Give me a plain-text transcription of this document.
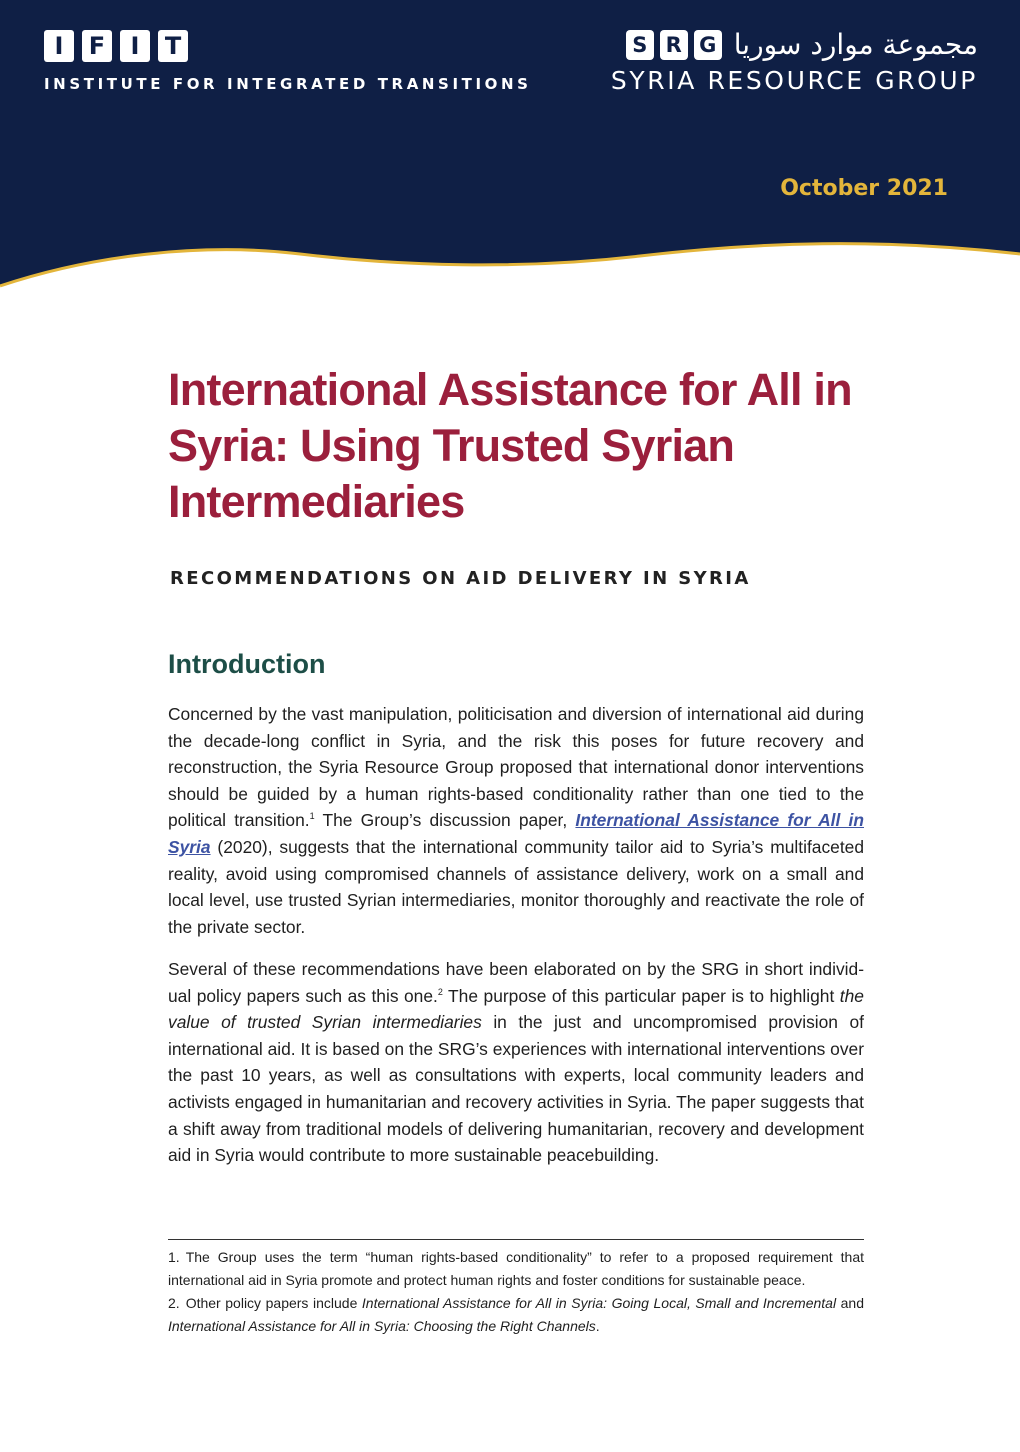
I	F	I	T
INSTITUTE FOR INTEGRATED TRANSITIONS
S R G مجموعة موارد سوريا
SYRIA RESOURCE GROUP
October 2021
International Assistance for All in Syria: Using Trusted Syrian Intermediaries
RECOMMENDATIONS ON AID DELIVERY IN SYRIA
Introduction

Concerned by the vast manipulation, politicisation and diversion of international aid during the decade-long conflict in Syria, and the risk this poses for future recovery and reconstruction, the Syria Resource Group proposed that international donor interventions should be guided by a human rights-based conditionality rather than one tied to the political transition.$^1$ The Group’s discussion paper, International Assistance for All in Syria (2020), suggests that the international community tailor aid to Syria’s multifaceted reality, avoid using compromised channels of assistance delivery, work on a small and local level, use trusted Syrian intermediaries, monitor thoroughly and reactivate the role of the private sector.

Several of these recommendations have been elaborated on by the SRG in short individual policy papers such as this one.$^2$ The purpose of this particular paper is to highlight the value of trusted Syrian intermediaries in the just and uncompromised provision of international aid. It is based on the SRG’s experiences with international interventions over the past 10 years, as well as consultations with experts, local community leaders and activists engaged in humanitarian and recovery activities in Syria. The paper suggests that a shift away from traditional models of delivering humanitarian, recovery and development aid in Syria would contribute to more sustainable peacebuilding.

1. The Group uses the term “human rights-based conditionality” to refer to a proposed requirement that international aid in Syria promote and protect human rights and foster conditions for sustainable peace.

2. Other policy papers include International Assistance for All in Syria: Going Local, Small and Incremental and International Assistance for All in Syria: Choosing the Right Channels.
